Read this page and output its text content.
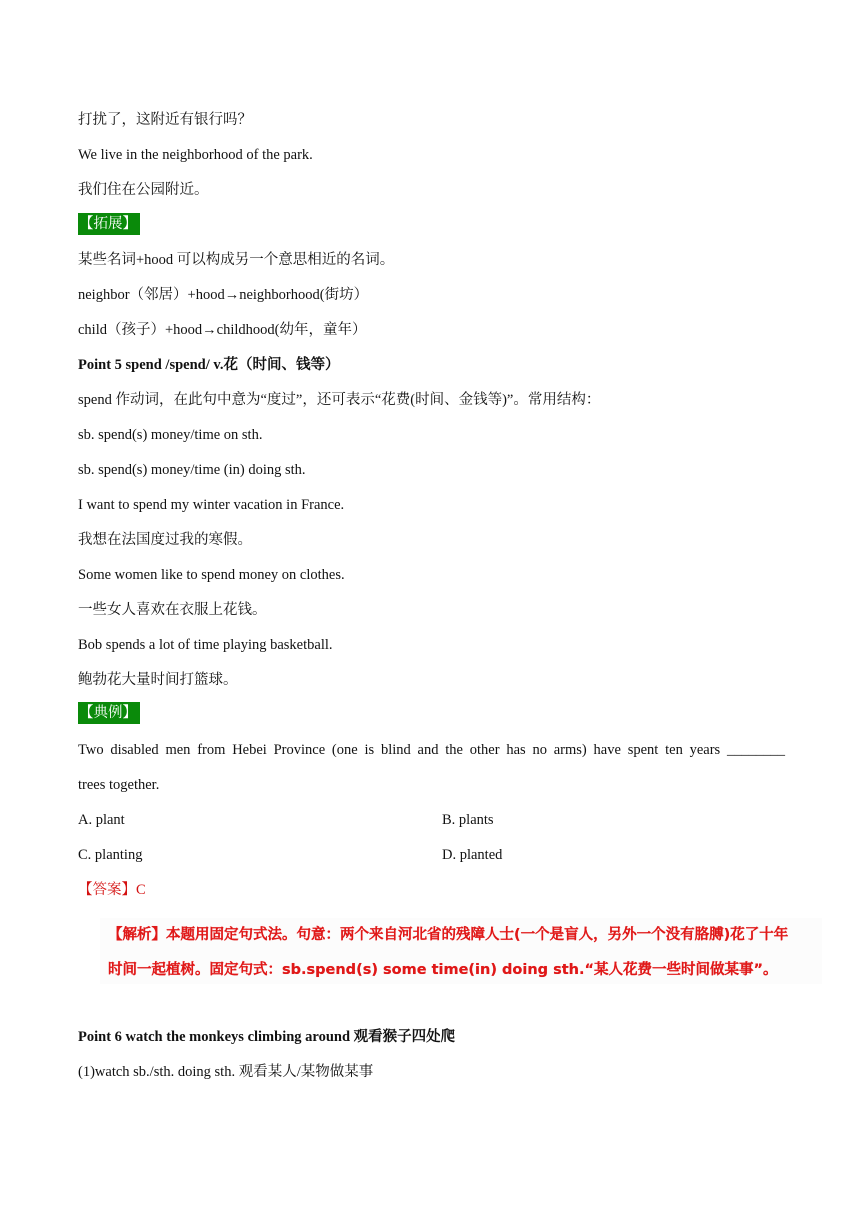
打扰了，这附近有银行吗？
We live in the neighborhood of the park.
我们住在公园附近。
【拓展】
某些名词+hood 可以构成另一个意思相近的名词。
neighbor（邻居）+hood→neighborhood(街坊）
child（孩子）+hood→childhood(幼年，童年）
Point 5 spend /spend/ v.花（时间、钱等）
spend 作动词，在此句中意为“度过”，还可表示“花费(时间、金钱等)”。常用结构：
sb. spend(s) money/time on sth.
sb. spend(s) money/time (in) doing sth.
I want to spend my winter vacation in France.
我想在法国度过我的寒假。
Some women like to spend money on clothes.
一些女人喜欢在衣服上花钱。
Bob spends a lot of time playing basketball.
鲍勃花大量时间打篮球。
【典例】
Two disabled men from Hebei Province (one is blind and the other has no arms) have spent ten years ________
trees together.
A. plant	B. plants
C. planting	D. planted
【答案】C
【解析】本题用固定句式法。句意：两个来自河北省的残障人士(一个是盲人，另外一个没有胳膊)花了十年
时间一起植树。固定句式：sb.spend(s) some time(in) doing sth.“某人花费一些时间做某事”。
Point 6 watch the monkeys climbing around 观看猴子四处爬
(1)watch sb./sth. doing sth. 观看某人/某物做某事
